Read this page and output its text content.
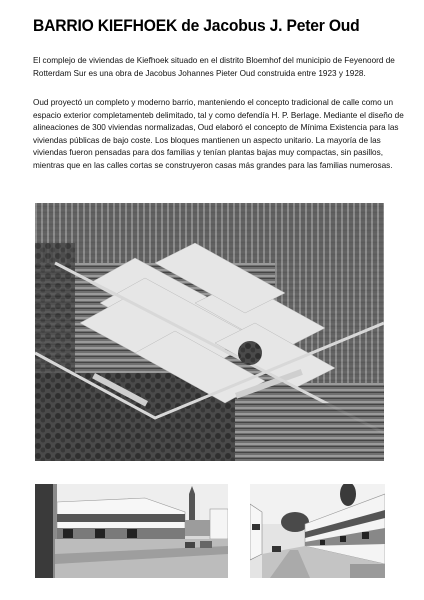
BARRIO KIEFHOEK de Jacobus J. Peter Oud

El complejo de viviendas de Kiefhoek situado en el distrito Bloemhof del municipio de Feyenoord de Rotterdam Sur es una obra de Jacobus Johannes Pieter Oud construida entre 1923 y 1928.

Oud proyectó un completo y moderno barrio, manteniendo el concepto tradicional de calle como un espacio exterior completamenteb delimitado, tal y como defendía H. P. Berlage. Mediante el diseño de alineaciones de 300 viviendas normalizadas, Oud elaboró el concepto de Mínima Existencia para las viviendas públicas de bajo coste. Los bloques mantienen un aspecto unitario. La mayoría de las viviendas fueron pensadas para dos familias y tenían plantas bajas muy compactas, sin pasillos, mientras que en las calles cortas se construyeron casas más grandes para las familias numerosas.
